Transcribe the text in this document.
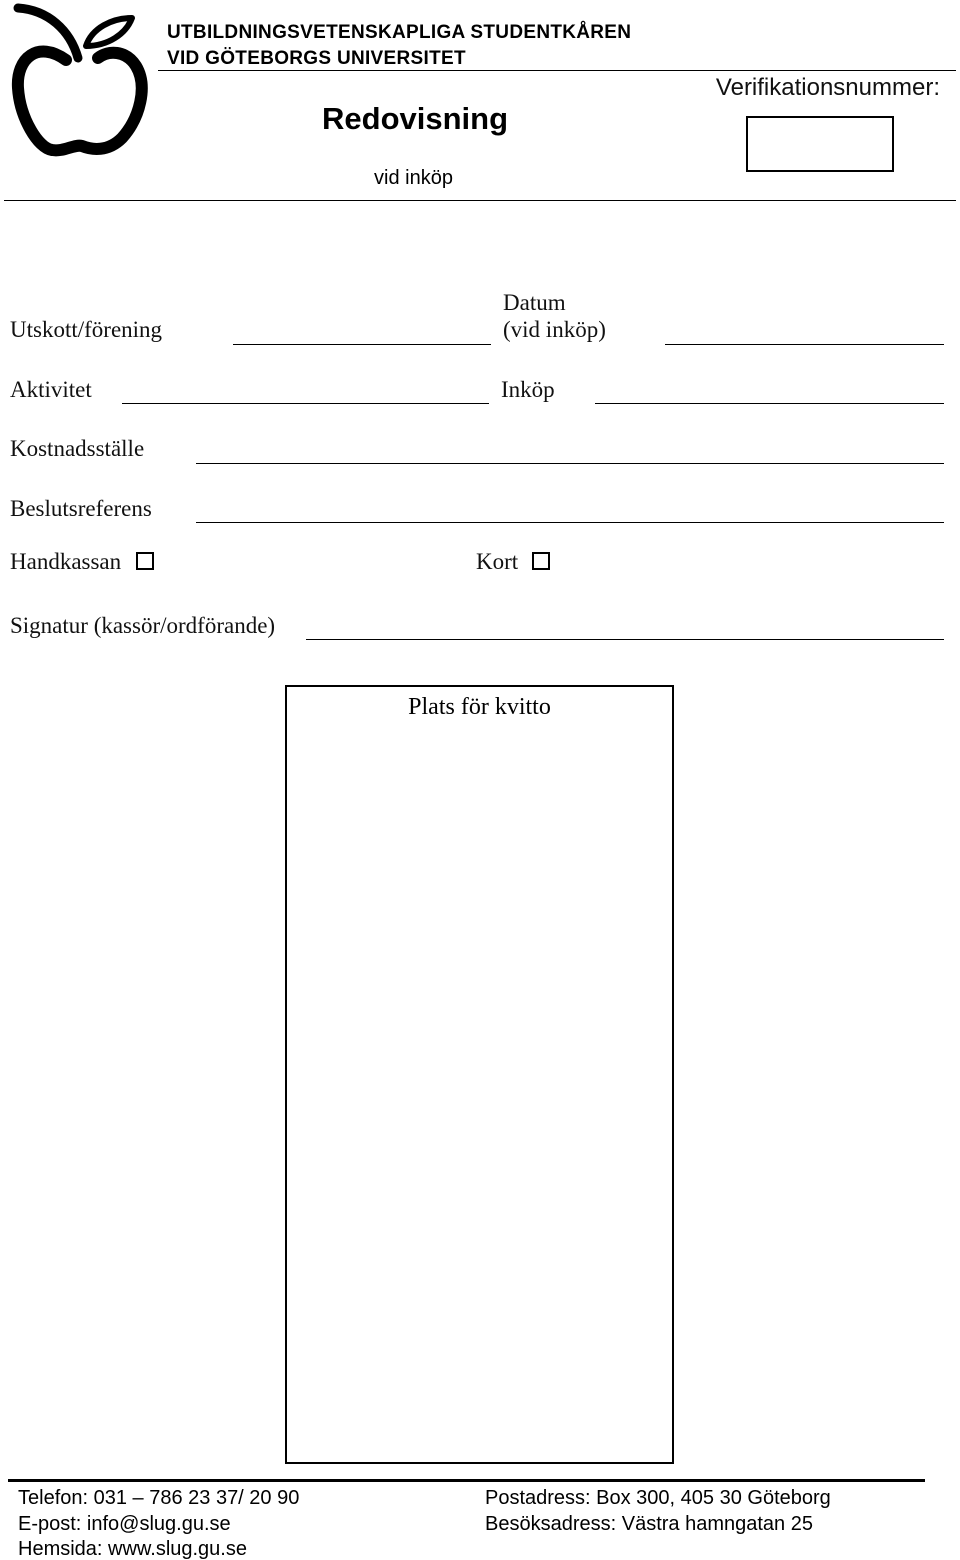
UTBILDNINGSVETENSKAPLIGA STUDENTKÅREN
VID GÖTEBORGS UNIVERSITET
Verifikationsnummer:
Redovisning
vid inköp
Utskott/förening
Datum
(vid inköp)
Aktivitet	Inköp
Kostnadsställe
Beslutsreferens
Handkassan	Kort
Signatur (kassör/ordförande)
Plats för kvitto
Telefon: 031 – 786 23 37/ 20 90
E-post: info@slug.gu.se
Hemsida: www.slug.gu.se
Postadress: Box 300, 405 30 Göteborg
Besöksadress: Västra hamngatan 25
